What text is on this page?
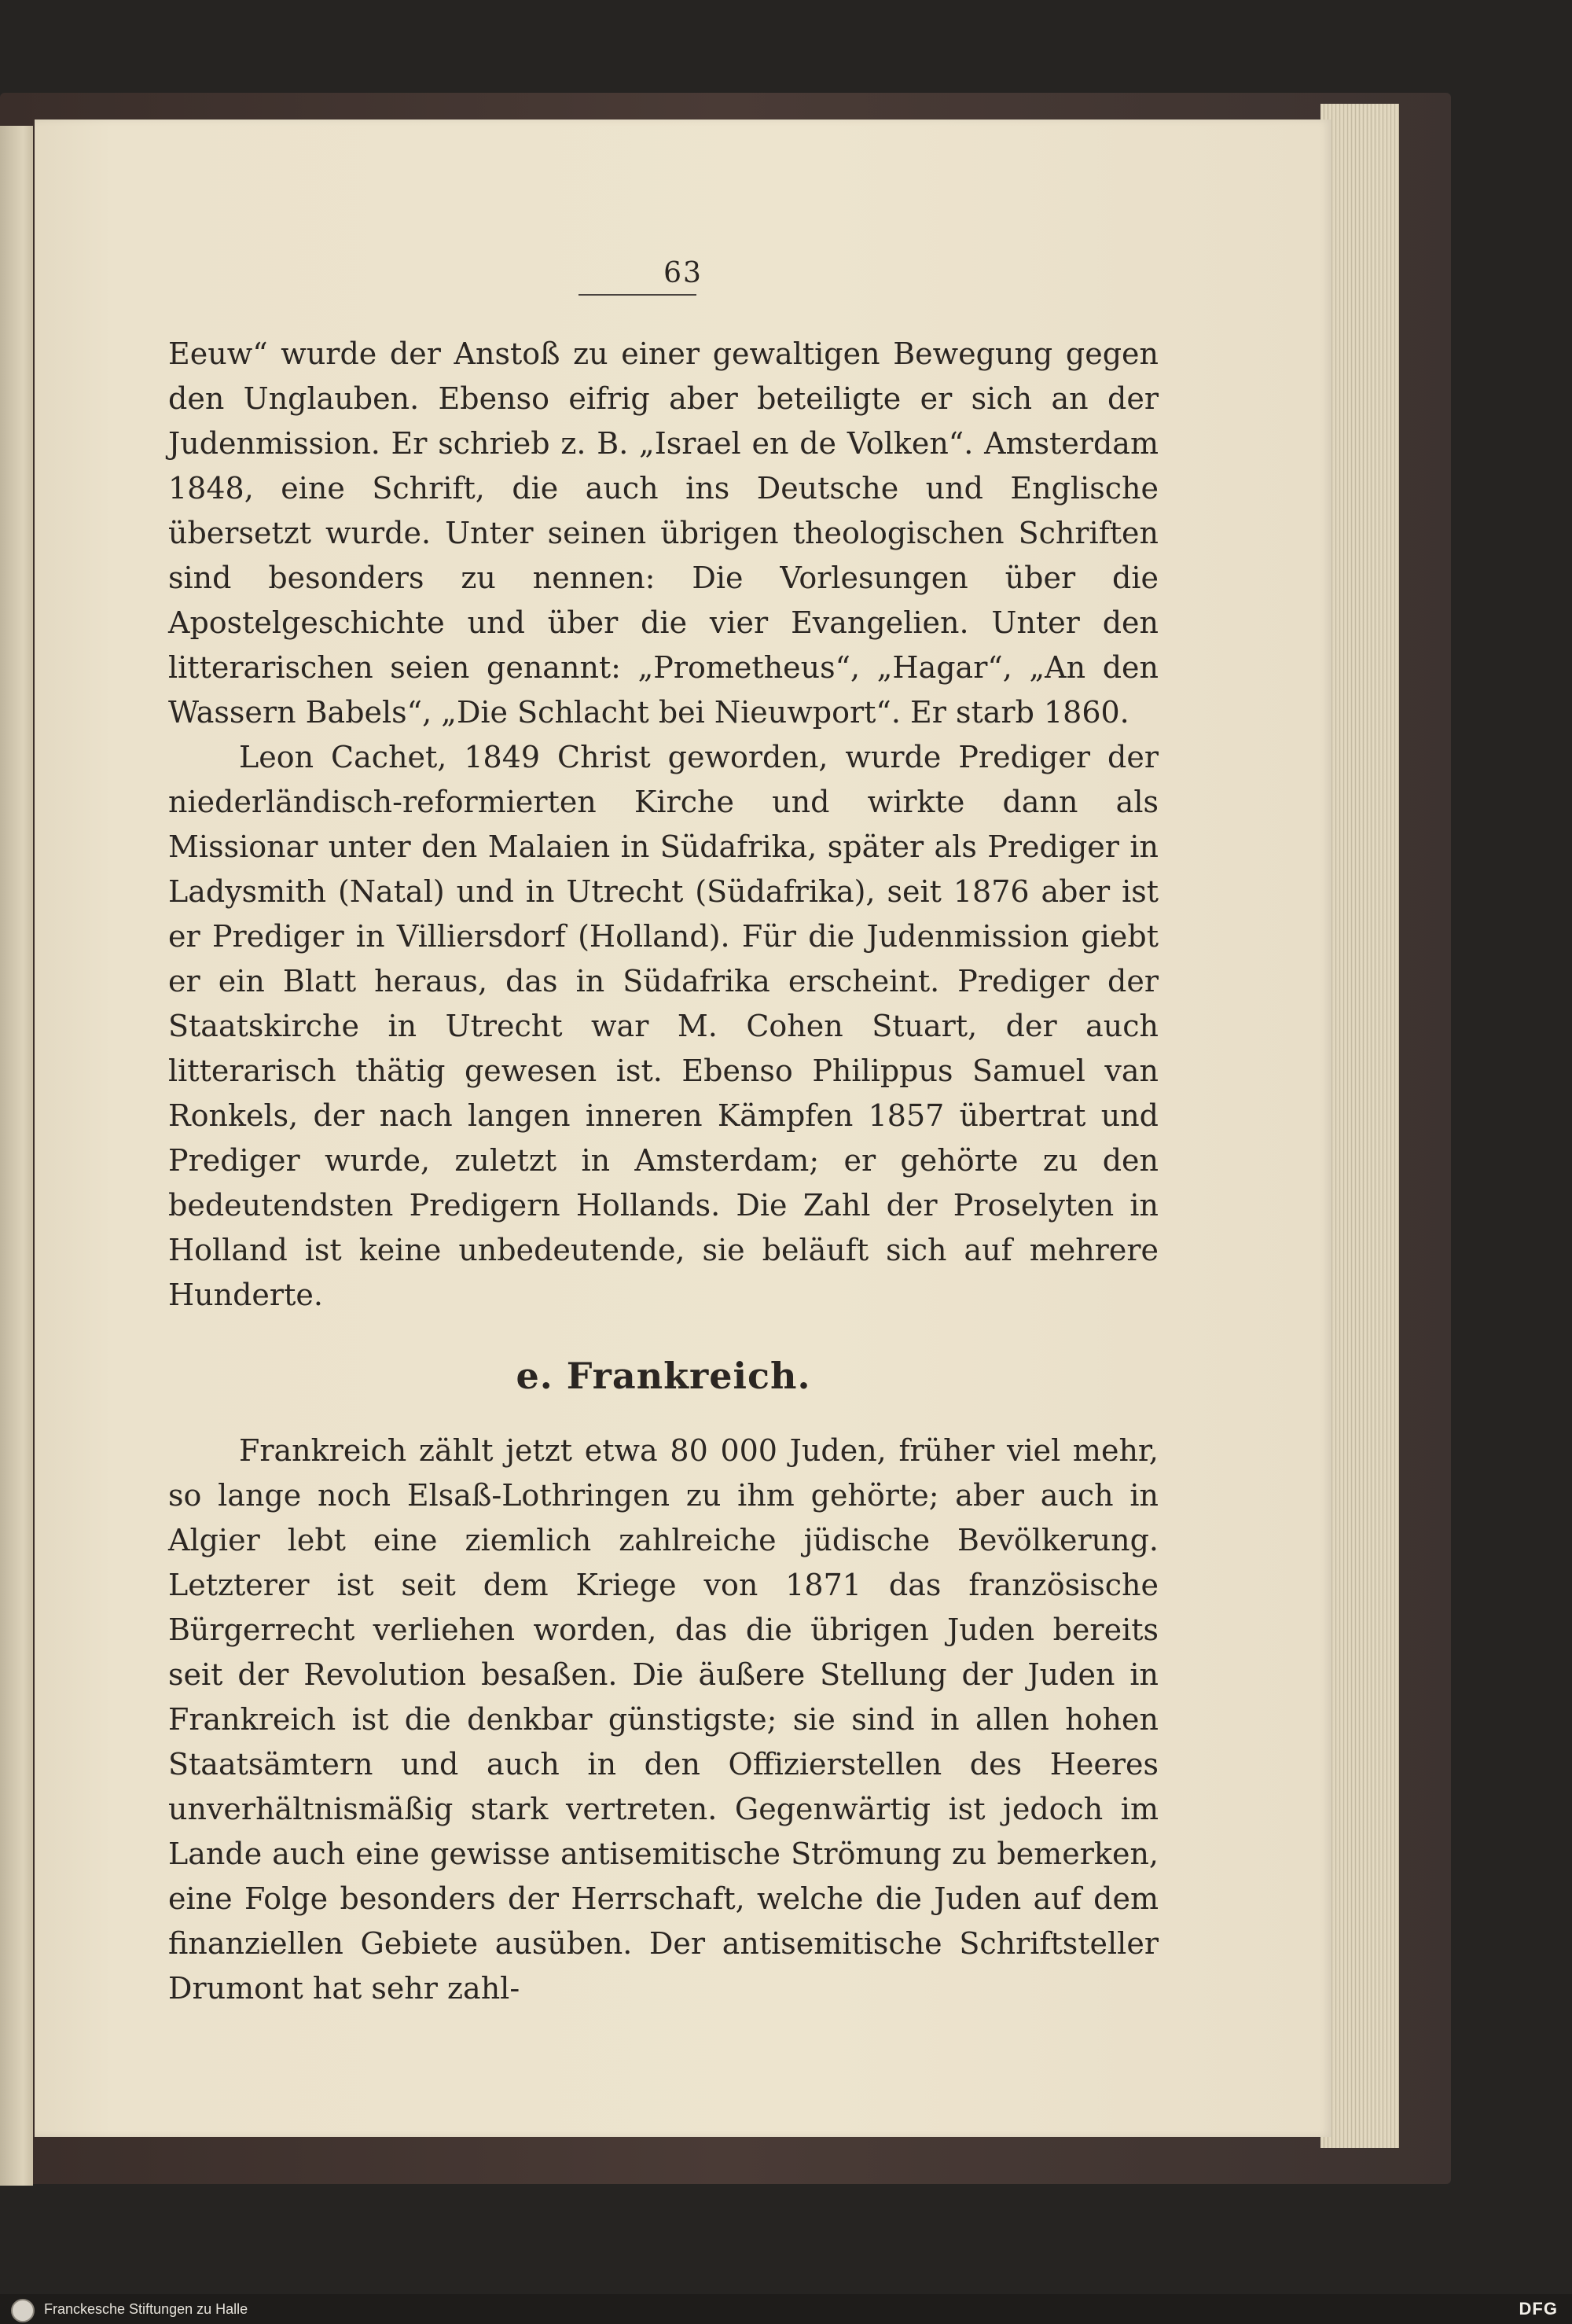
63

Eeuw“ wurde der Anstoß zu einer gewaltigen Bewegung gegen den Unglauben. Ebenso eifrig aber beteiligte er sich an der Judenmission. Er schrieb z. B. „Israel en de Volken“. Amsterdam 1848, eine Schrift, die auch ins Deutsche und Englische übersetzt wurde. Unter seinen übrigen theologischen Schriften sind besonders zu nennen: Die Vorlesungen über die Apostelgeschichte und über die vier Evangelien. Unter den litterarischen seien genannt: „Prometheus“, „Hagar“, „An den Wassern Babels“, „Die Schlacht bei Nieuwport“. Er starb 1860.

Leon Cachet, 1849 Christ geworden, wurde Prediger der niederländisch-reformierten Kirche und wirkte dann als Missionar unter den Malaien in Südafrika, später als Prediger in Ladysmith (Natal) und in Utrecht (Südafrika), seit 1876 aber ist er Prediger in Villiersdorf (Holland). Für die Judenmission giebt er ein Blatt heraus, das in Südafrika erscheint. Prediger der Staatskirche in Utrecht war M. Cohen Stuart, der auch litterarisch thätig gewesen ist. Ebenso Philippus Samuel van Ronkels, der nach langen inneren Kämpfen 1857 übertrat und Prediger wurde, zuletzt in Amsterdam; er gehörte zu den bedeutendsten Predigern Hollands. Die Zahl der Proselyten in Holland ist keine unbedeutende, sie beläuft sich auf mehrere Hunderte.

e. Frankreich.

Frankreich zählt jetzt etwa 80 000 Juden, früher viel mehr, so lange noch Elsaß-Lothringen zu ihm gehörte; aber auch in Algier lebt eine ziemlich zahlreiche jüdische Bevölkerung. Letzterer ist seit dem Kriege von 1871 das französische Bürgerrecht verliehen worden, das die übrigen Juden bereits seit der Revolution besaßen. Die äußere Stellung der Juden in Frankreich ist die denkbar günstigste; sie sind in allen hohen Staatsämtern und auch in den Offizierstellen des Heeres unverhältnismäßig stark vertreten. Gegenwärtig ist jedoch im Lande auch eine gewisse antisemitische Strömung zu bemerken, eine Folge besonders der Herrschaft, welche die Juden auf dem finanziellen Gebiete ausüben. Der antisemitische Schriftsteller Drumont hat sehr zahl-

Franckesche Stiftungen zu Halle	DFG
